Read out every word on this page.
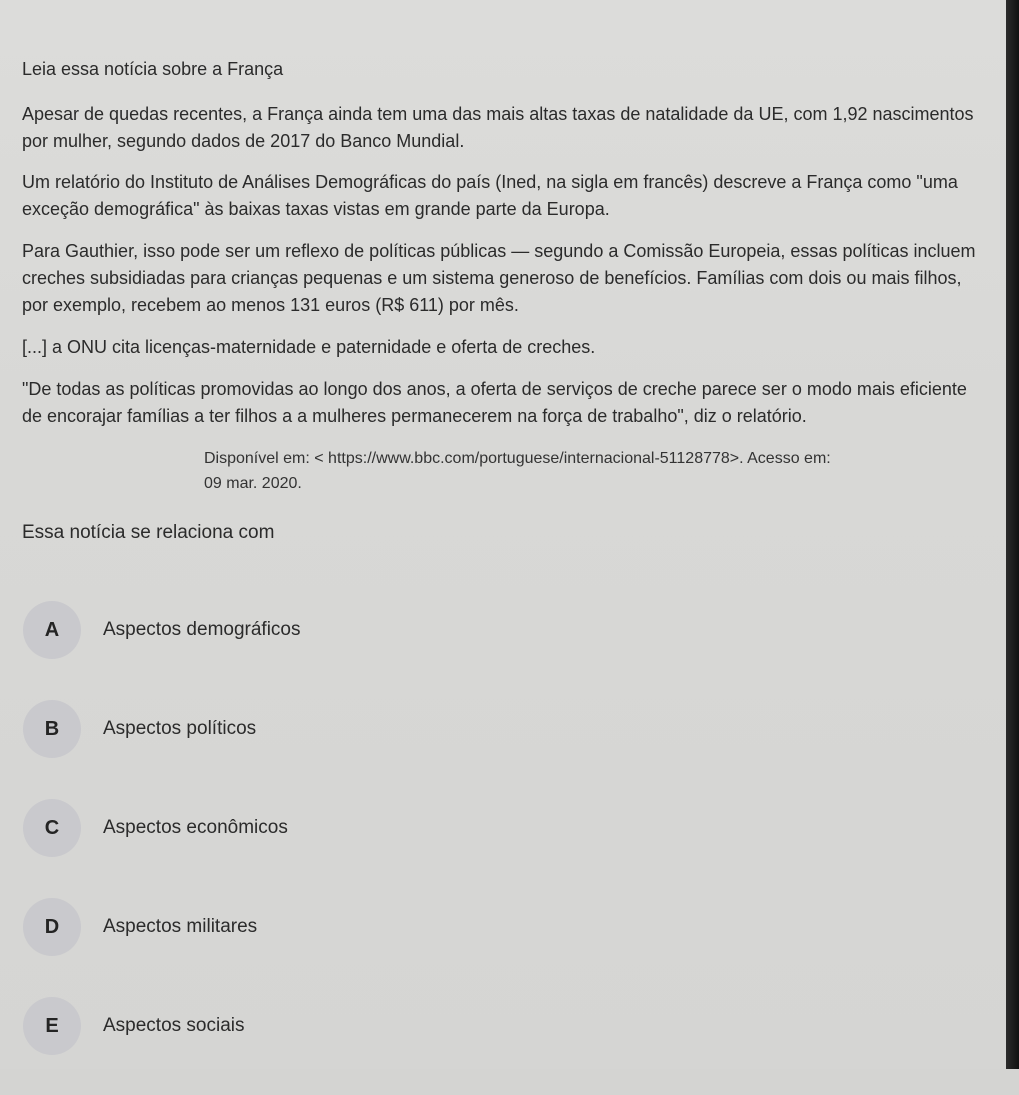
Leia essa notícia sobre a França

Apesar de quedas recentes, a França ainda tem uma das mais altas taxas de natalidade da UE, com 1,92 nascimentos por mulher, segundo dados de 2017 do Banco Mundial.

Um relatório do Instituto de Análises Demográficas do país (Ined, na sigla em francês) descreve a França como "uma exceção demográfica" às baixas taxas vistas em grande parte da Europa.

Para Gauthier, isso pode ser um reflexo de políticas públicas — segundo a Comissão Europeia, essas políticas incluem creches subsidiadas para crianças pequenas e um sistema generoso de benefícios. Famílias com dois ou mais filhos, por exemplo, recebem ao menos 131 euros (R$ 611) por mês.

[...] a ONU cita licenças-maternidade e paternidade e oferta de creches.

"De todas as políticas promovidas ao longo dos anos, a oferta de serviços de creche parece ser o modo mais eficiente de encorajar famílias a ter filhos a a mulheres permanecerem na força de trabalho", diz o relatório.

Disponível em: < https://www.bbc.com/portuguese/internacional-51128778>. Acesso em: 09 mar. 2020.
Essa notícia se relaciona com
A	Aspectos demográficos
B	Aspectos políticos
C	Aspectos econômicos
D	Aspectos militares
E	Aspectos sociais
